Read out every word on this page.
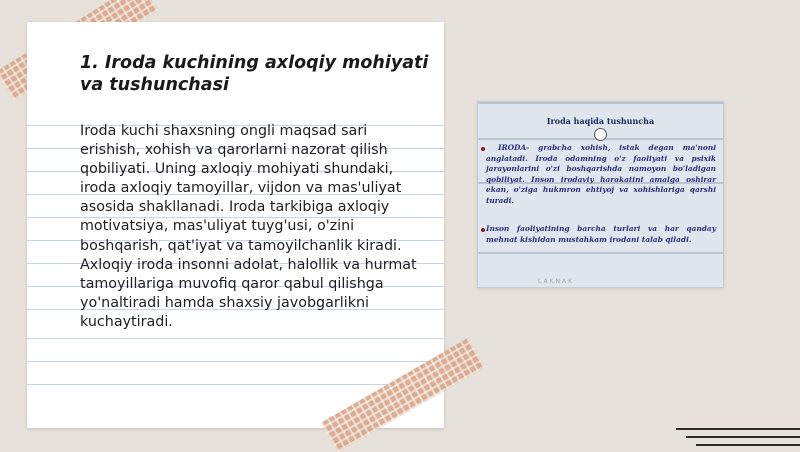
1. Iroda kuchining axloqiy mohiyati va tushunchasi

Iroda kuchi shaxsning ongli maqsad sari erishish, xohish va qarorlarni nazorat qilish qobiliyati. Uning axloqiy mohiyati shundaki, iroda axloqiy tamoyillar, vijdon va mas'uliyat asosida shakllanadi. Iroda tarkibiga axloqiy motivatsiya, mas'uliyat tuyg'usi, o'zini boshqarish, qat'iyat va tamoyilchanlik kiradi. Axloqiy iroda insonni adolat, halollik va hurmat tamoyillariga muvofiq qaror qabul qilishga yo'naltiradi hamda shaxsiy javobgarlikni kuchaytiradi.

Iroda haqida tushuncha

IRODA- grabcha xohish, istak degan ma'noni anglatadi. Iroda odamning o'z faoliyati va psixik jarayonlarini o'zi boshqarishda namoyon bo'ladigan qobiliyat. Inson irodaviy harakatini amalga oshirar ekan, o'ziga hukmron ehtiyoj va xohishlariga qarshi turadi.

Inson faoliyatining barcha turlari va har qanday mehnat kishidan mustahkam irodani talab qiladi.

LAKNAK
